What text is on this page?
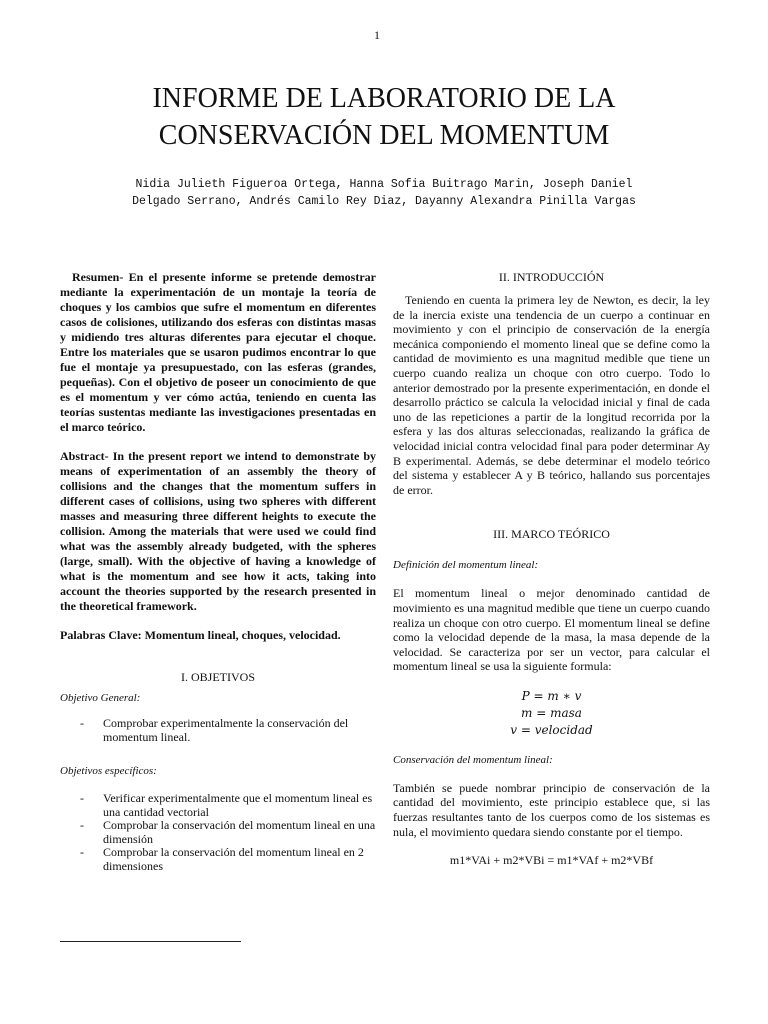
1
INFORME DE LABORATORIO DE LA
CONSERVACIÓN DEL MOMENTUM

Nidia Julieth Figueroa Ortega, Hanna Sofia Buitrago Marin, Joseph Daniel
Delgado Serrano, Andrés Camilo Rey Diaz, Dayanny Alexandra Pinilla Vargas

Resumen- En el presente informe se pretende demostrar mediante la experimentación de un montaje la teoría de choques y los cambios que sufre el momentum en diferentes casos de colisiones, utilizando dos esferas con distintas masas y midiendo tres alturas diferentes para ejecutar el choque. Entre los materiales que se usaron pudimos encontrar lo que fue el montaje ya presupuestado, con las esferas (grandes, pequeñas). Con el objetivo de poseer un conocimiento de que es el momentum y ver cómo actúa, teniendo en cuenta las teorías sustentas mediante las investigaciones presentadas en el marco teórico.

Abstract- In the present report we intend to demonstrate by means of experimentation of an assembly the theory of collisions and the changes that the momentum suffers in different cases of collisions, using two spheres with different masses and measuring three different heights to execute the collision. Among the materials that were used we could find what was the assembly already budgeted, with the spheres (large, small). With the objective of having a knowledge of what is the momentum and see how it acts, taking into account the theories supported by the research presented in the theoretical framework.

Palabras Clave: Momentum lineal, choques, velocidad.

I. OBJETIVOS

Objetivo General:

- Comprobar experimentalmente la conservación del momentum lineal.

Objetivos específicos:

- Verificar experimentalmente que el momentum lineal es una cantidad vectorial
- Comprobar la conservación del momentum lineal en una dimensión
- Comprobar la conservación del momentum lineal en 2 dimensiones

II. INTRODUCCIÓN

Teniendo en cuenta la primera ley de Newton, es decir, la ley de la inercia existe una tendencia de un cuerpo a continuar en movimiento y con el principio de conservación de la energía mecánica componiendo el momento lineal que se define como la cantidad de movimiento es una magnitud medible que tiene un cuerpo cuando realiza un choque con otro cuerpo. Todo lo anterior demostrado por la presente experimentación, en donde el desarrollo práctico se calcula la velocidad inicial y final de cada uno de las repeticiones a partir de la longitud recorrida por la esfera y las dos alturas seleccionadas, realizando la gráfica de velocidad inicial contra velocidad final para poder determinar Ay B experimental. Además, se debe determinar el modelo teórico del sistema y establecer A y B teórico, hallando sus porcentajes de error.

III. MARCO TEÓRICO

Definición del momentum lineal:

El momentum lineal o mejor denominado cantidad de movimiento es una magnitud medible que tiene un cuerpo cuando realiza un choque con otro cuerpo. El momentum lineal se define como la velocidad depende de la masa, la masa depende de la velocidad. Se caracteriza por ser un vector, para calcular el momentum lineal se usa la siguiente formula:

P = m ∗ v
m = masa
v = velocidad

Conservación del momentum lineal:

También se puede nombrar principio de conservación de la cantidad del movimiento, este principio establece que, si las fuerzas resultantes tanto de los cuerpos como de los sistemas es nula, el movimiento quedara siendo constante por el tiempo.

m1*VAi + m2*VBi = m1*VAf + m2*VBf
